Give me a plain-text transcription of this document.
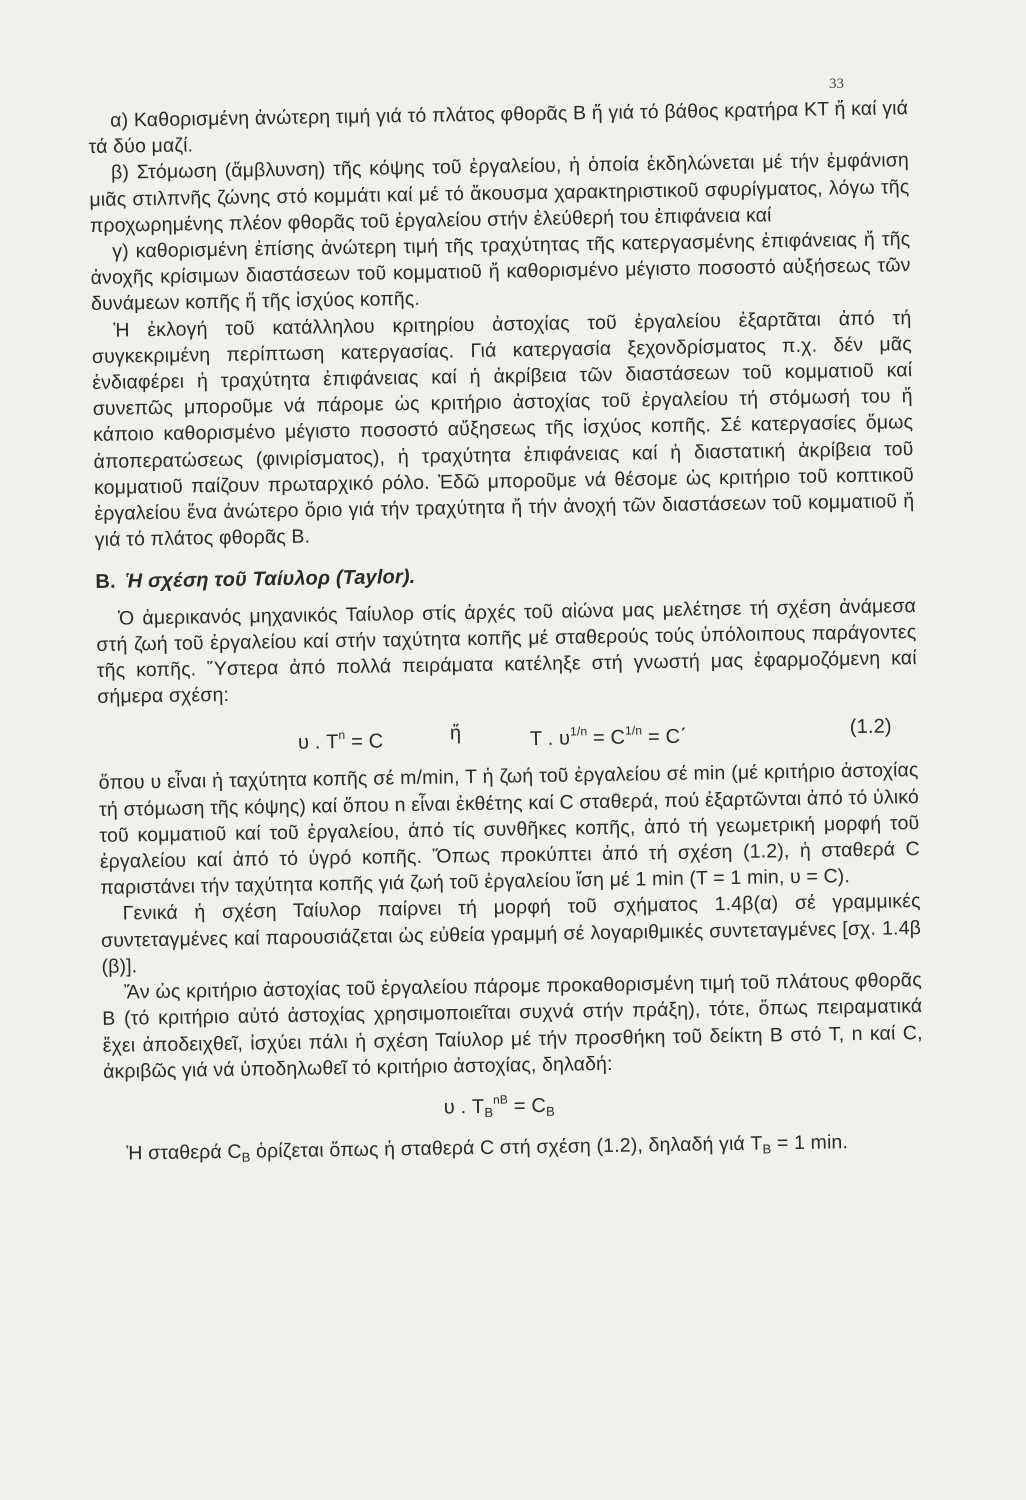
33

α) Καθορισμένη ἀνώτερη τιμή γιά τό πλάτος φθορᾶς B ἤ γιά τό βάθος κρατήρα KT ἤ καί γιά τά δύο μαζί.

β) Στόμωση (ἄμβλυνση) τῆς κόψης τοῦ ἐργαλείου, ἡ ὁποία ἐκδηλώνεται μέ τήν ἐμφάνιση μιᾶς στιλπνῆς ζώνης στό κομμάτι καί μέ τό ἄκουσμα χαρακτηριστικοῦ σφυρίγματος, λόγω τῆς προχωρημένης πλέον φθορᾶς τοῦ ἐργαλείου στήν ἐλεύθερή του ἐπιφάνεια καί

γ) καθορισμένη ἐπίσης ἀνώτερη τιμή τῆς τραχύτητας τῆς κατεργασμένης ἐπιφάνειας ἤ τῆς ἀνοχῆς κρίσιμων διαστάσεων τοῦ κομματιοῦ ἤ καθορισμένο μέγιστο ποσοστό αὐξήσεως τῶν δυνάμεων κοπῆς ἤ τῆς ἰσχύος κοπῆς.

Ἡ ἐκλογή τοῦ κατάλληλου κριτηρίου ἀστοχίας τοῦ ἐργαλείου ἐξαρτᾶται ἀπό τή συγκεκριμένη περίπτωση κατεργασίας. Γιά κατεργασία ξεχονδρίσματος π.χ. δέν μᾶς ἐνδιαφέρει ἡ τραχύτητα ἐπιφάνειας καί ἡ ἀκρίβεια τῶν διαστάσεων τοῦ κομματιοῦ καί συνεπῶς μποροῦμε νά πάρομε ὡς κριτήριο ἀστοχίας τοῦ ἐργαλείου τή στόμωσή του ἤ κάποιο καθορισμένο μέγιστο ποσοστό αὔξησεως τῆς ἰσχύος κοπῆς. Σέ κατεργασίες ὅμως ἀποπερατώσεως (φινιρίσματος), ἡ τραχύτητα ἐπιφάνειας καί ἡ διαστατική ἀκρίβεια τοῦ κομματιοῦ παίζουν πρωταρχικό ρόλο. Ἐδῶ μποροῦμε νά θέσομε ὡς κριτήριο τοῦ κοπτικοῦ ἐργαλείου ἕνα ἀνώτερο ὅριο γιά τήν τραχύτητα ἤ τήν ἀνοχή τῶν διαστάσεων τοῦ κομματιοῦ ἤ γιά τό πλάτος φθορᾶς B.

B. Ἡ σχέση τοῦ Ταίυλορ (Taylor).

Ὁ ἀμερικανός μηχανικός Ταίυλορ στίς ἀρχές τοῦ αἰώνα μας μελέτησε τή σχέση ἀνάμεσα στή ζωή τοῦ ἐργαλείου καί στήν ταχύτητα κοπῆς μέ σταθερούς τούς ὑπόλοιπους παράγοντες τῆς κοπῆς. Ὕστερα ἀπό πολλά πειράματα κατέληξε στή γνωστή μας ἐφαρμοζόμενη καί σήμερα σχέση:

υ . $T^n = C$	ἤ	T . $\upsilon^{1/n} = C^{1/n} = C΄$	(1.2)

ὅπου υ εἶναι ἡ ταχύτητα κοπῆς σέ m/min, T ἡ ζωή τοῦ ἐργαλείου σέ min (μέ κριτήριο ἀστοχίας τή στόμωση τῆς κόψης) καί ὅπου n εἶναι ἐκθέτης καί C σταθερά, πού ἐξαρτῶνται ἀπό τό ὑλικό τοῦ κομματιοῦ καί τοῦ ἐργαλείου, ἀπό τίς συνθῆκες κοπῆς, ἀπό τή γεωμετρική μορφή τοῦ ἐργαλείου καί ἀπό τό ὑγρό κοπῆς. Ὅπως προκύπτει ἀπό τή σχέση (1.2), ἡ σταθερά C παριστάνει τήν ταχύτητα κοπῆς γιά ζωή τοῦ ἐργαλείου ἴση μέ 1 min (T = 1 min, υ = C).

Γενικά ἡ σχέση Ταίυλορ παίρνει τή μορφή τοῦ σχήματος 1.4β(α) σέ γραμμικές συντεταγμένες καί παρουσιάζεται ὡς εὐθεία γραμμή σέ λογαριθμικές συντεταγμένες [σχ. 1.4β (β)].

Ἄν ὡς κριτήριο ἀστοχίας τοῦ ἐργαλείου πάρομε προκαθορισμένη τιμή τοῦ πλάτους φθορᾶς B (τό κριτήριο αὐτό ἀστοχίας χρησιμοποιεῖται συχνά στήν πράξη), τότε, ὅπως πειραματικά ἔχει ἀποδειχθεῖ, ἰσχύει πάλι ἡ σχέση Ταίυλορ μέ τήν προσθήκη τοῦ δείκτη B στό T, n καί C, ἀκριβῶς γιά νά ὑποδηλωθεῖ τό κριτήριο ἀστοχίας, δηλαδή:

υ . $T_B^{nB} = C_B$

Ἡ σταθερά $C_B$ ὁρίζεται ὅπως ἡ σταθερά C στή σχέση (1.2), δηλαδή γιά $T_B = 1$ min.
